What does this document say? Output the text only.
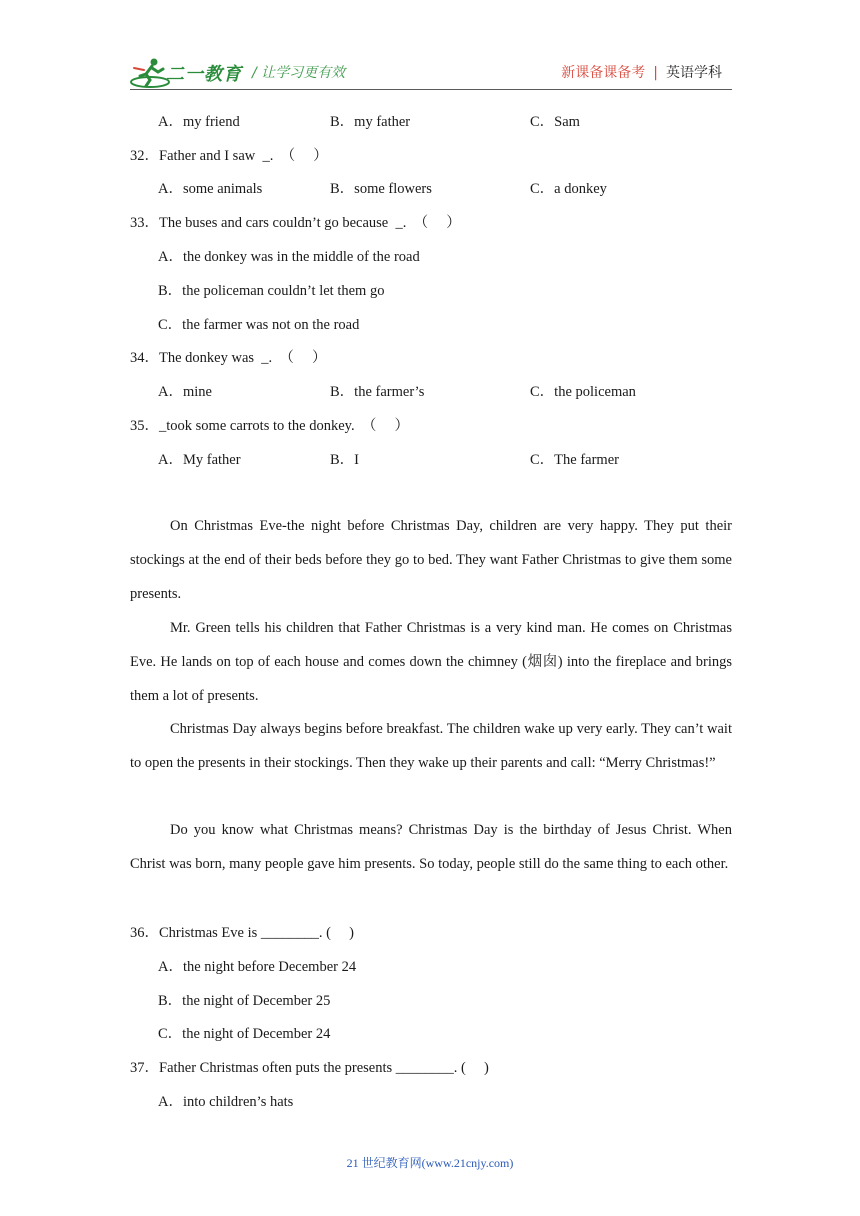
二一教育 / 让学习更有效	新课备课备考 | 英语学科
A．my friend	B．my father	C．Sam
32．Father and I saw  _.  （     ）
A．some animals	B．some flowers	C．a donkey
33．The buses and cars couldn’t go because  _.  （     ）
A．the donkey was in the middle of the road
B．the policeman couldn’t let them go
C．the farmer was not on the road
34．The donkey was  _.  （     ）
A．mine	B．the farmer’s	C．the policeman
35．_took some carrots to the donkey.  （     ）
A．My father	B．I	C．The farmer
On Christmas Eve-the night before Christmas Day, children are very happy. They put their stockings at the end of their beds before they go to bed. They want Father Christmas to give them some presents.
Mr. Green tells his children that Father Christmas is a very kind man. He comes on Christmas Eve. He lands on top of each house and comes down the chimney (烟囱) into the fireplace and brings them a lot of presents.
Christmas Day always begins before breakfast. The children wake up very early. They can’t wait to open the presents in their stockings. Then they wake up their parents and call: “Merry Christmas!”
Do you know what Christmas means? Christmas Day is the birthday of Jesus Christ. When Christ was born, many people gave him presents. So today, people still do the same thing to each other.
36．Christmas Eve is ________. (     )
A．the night before December 24
B．the night of December 25
C．the night of December 24
37．Father Christmas often puts the presents ________. (     )
A．into children’s hats
21 世纪教育网(www.21cnjy.com)
